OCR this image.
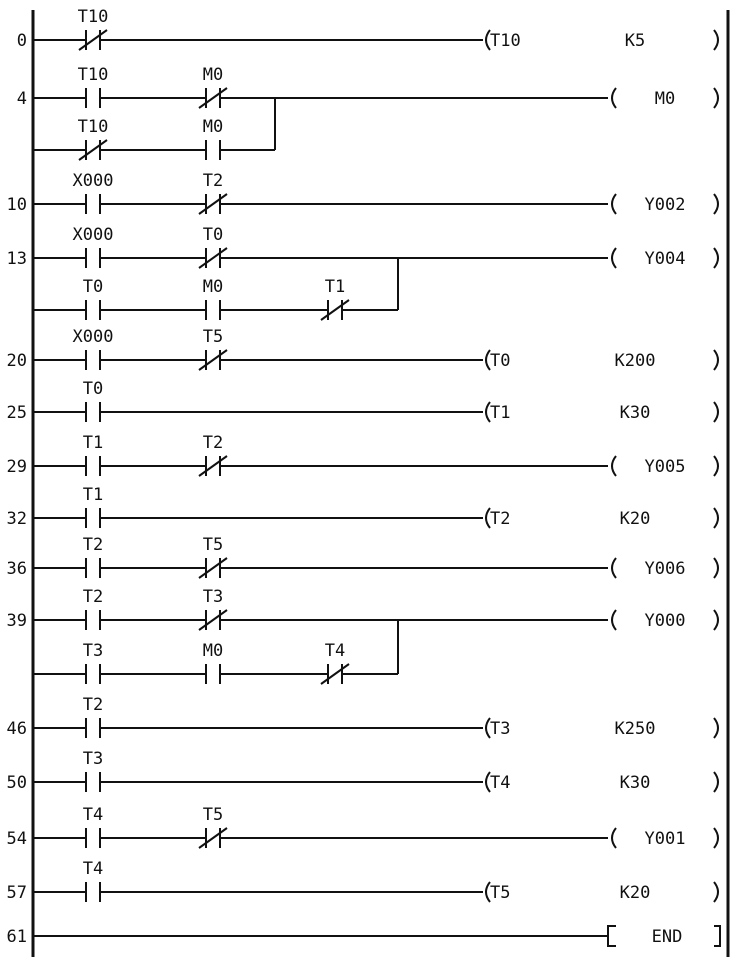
0
T10
T10	K5
4
T10	M0
T10	M0
M0
10
X000	T2
Y002
13
X000	T0
T0	M0	T1
Y004
20
X000	T5
T0	K200
25
T0
T1	K30
29
T1	T2
Y005
32
T1
T2	K20
36
T2	T5
Y006
39
T2	T3
T3	M0	T4
Y000
46
T2
T3	K250
50
T3
T4	K30
54
T4	T5
Y001
57
T4
T5	K20
61	END
